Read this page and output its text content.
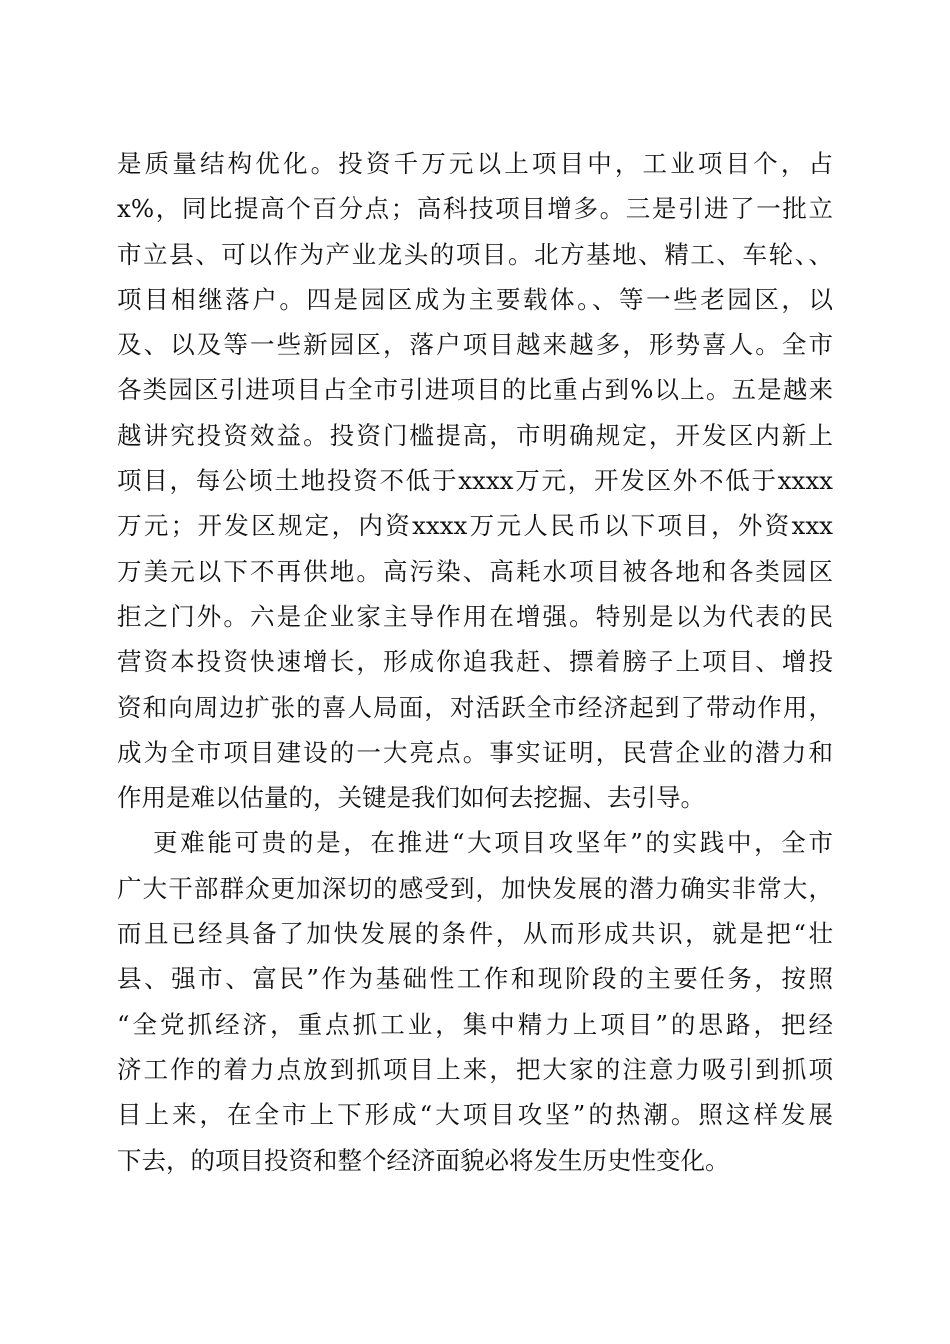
是质量结构优化。投资千万元以上项目中，工业项目个，占
x%，同比提高个百分点；高科技项目增多。三是引进了一批立
市立县、可以作为产业龙头的项目。北方基地、精工、车轮、、
项目相继落户。四是园区成为主要载体。、等一些老园区，以
及、以及等一些新园区，落户项目越来越多，形势喜人。全市
各类园区引进项目占全市引进项目的比重占到%以上。五是越来
越讲究投资效益。投资门槛提高，市明确规定，开发区内新上
项目，每公顷土地投资不低于xxxx万元，开发区外不低于xxxx
万元；开发区规定，内资xxxx万元人民币以下项目，外资xxx
万美元以下不再供地。高污染、高耗水项目被各地和各类园区
拒之门外。六是企业家主导作用在增强。特别是以为代表的民
营资本投资快速增长，形成你追我赶、摽着膀子上项目、增投
资和向周边扩张的喜人局面，对活跃全市经济起到了带动作用，
成为全市项目建设的一大亮点。事实证明，民营企业的潜力和
作用是难以估量的，关键是我们如何去挖掘、去引导。
更难能可贵的是，在推进“大项目攻坚年”的实践中，全市
广大干部群众更加深切的感受到，加快发展的潜力确实非常大，
而且已经具备了加快发展的条件，从而形成共识，就是把“壮
县、强市、富民”作为基础性工作和现阶段的主要任务，按照
“全党抓经济，重点抓工业，集中精力上项目”的思路，把经
济工作的着力点放到抓项目上来，把大家的注意力吸引到抓项
目上来，在全市上下形成“大项目攻坚”的热潮。照这样发展
下去，的项目投资和整个经济面貌必将发生历史性变化。
